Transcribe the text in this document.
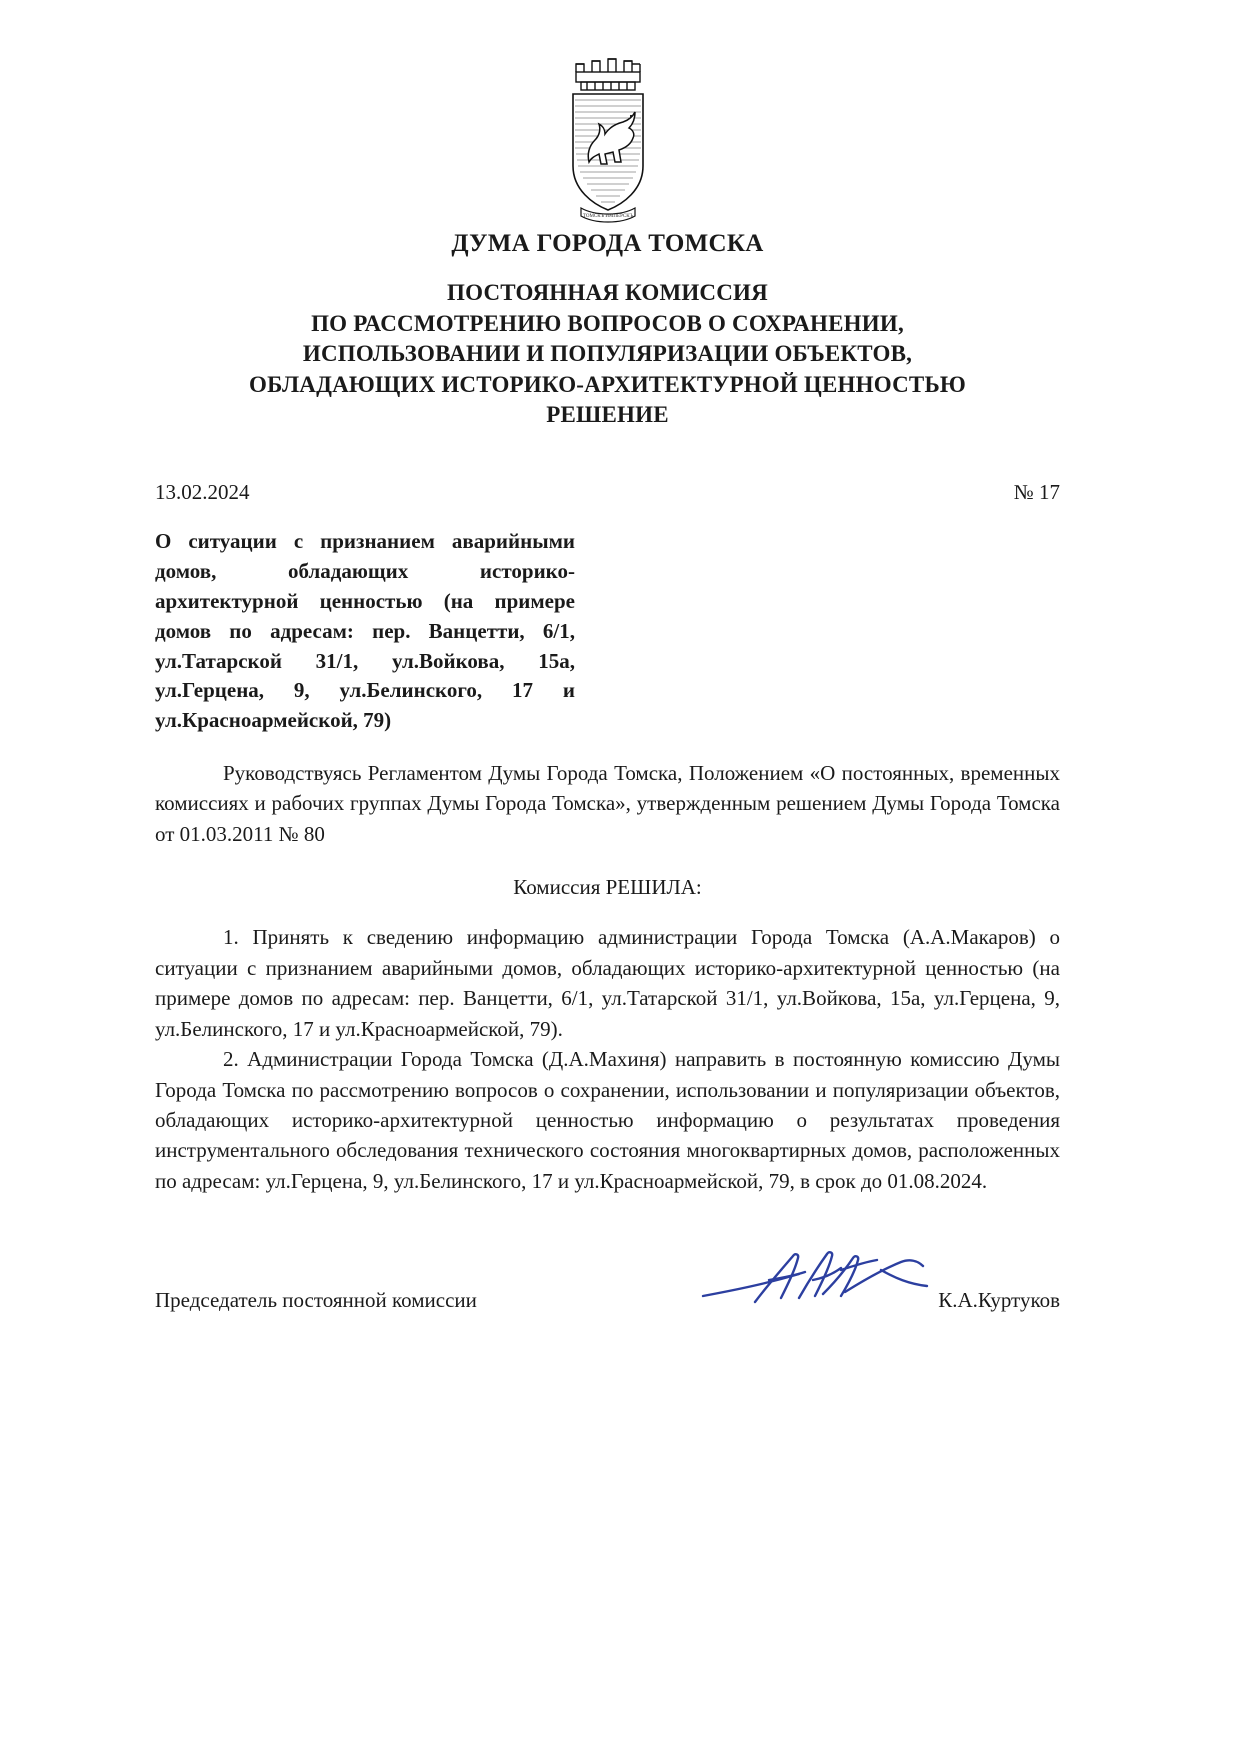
ТОМСКЪ ИМПЕРСКЪ
ДУМА ГОРОДА ТОМСКА
ПОСТОЯННАЯ КОМИССИЯ
ПО РАССМОТРЕНИЮ ВОПРОСОВ О СОХРАНЕНИИ,
ИСПОЛЬЗОВАНИИ И ПОПУЛЯРИЗАЦИИ ОБЪЕКТОВ,
ОБЛАДАЮЩИХ ИСТОРИКО-АРХИТЕКТУРНОЙ ЦЕННОСТЬЮ
РЕШЕНИЕ
13.02.2024	№ 17
О ситуации с признанием аварийными домов, обладающих историко-архитектурной ценностью (на примере домов по адресам: пер. Ванцетти, 6/1, ул.Татарской 31/1, ул.Войкова, 15а, ул.Герцена, 9, ул.Белинского, 17 и ул.Красноармейской, 79)
Руководствуясь Регламентом Думы Города Томска, Положением «О постоянных, временных комиссиях и рабочих группах Думы Города Томска», утвержденным решением Думы Города Томска от 01.03.2011 № 80
Комиссия РЕШИЛА:
1. Принять к сведению информацию администрации Города Томска (А.А.Макаров) о ситуации с признанием аварийными домов, обладающих историко-архитектурной ценностью (на примере домов по адресам: пер. Ванцетти, 6/1, ул.Татарской 31/1, ул.Войкова, 15а, ул.Герцена, 9, ул.Белинского, 17 и ул.Красноармейской, 79).
2. Администрации Города Томска (Д.А.Махиня) направить в постоянную комиссию Думы Города Томска по рассмотрению вопросов о сохранении, использовании и популяризации объектов, обладающих историко-архитектурной ценностью информацию о результатах проведения инструментального обследования технического состояния многоквартирных домов, расположенных по адресам: ул.Герцена, 9, ул.Белинского, 17 и ул.Красноармейской, 79, в срок до 01.08.2024.
Председатель постоянной комиссии	К.А.Куртуков
